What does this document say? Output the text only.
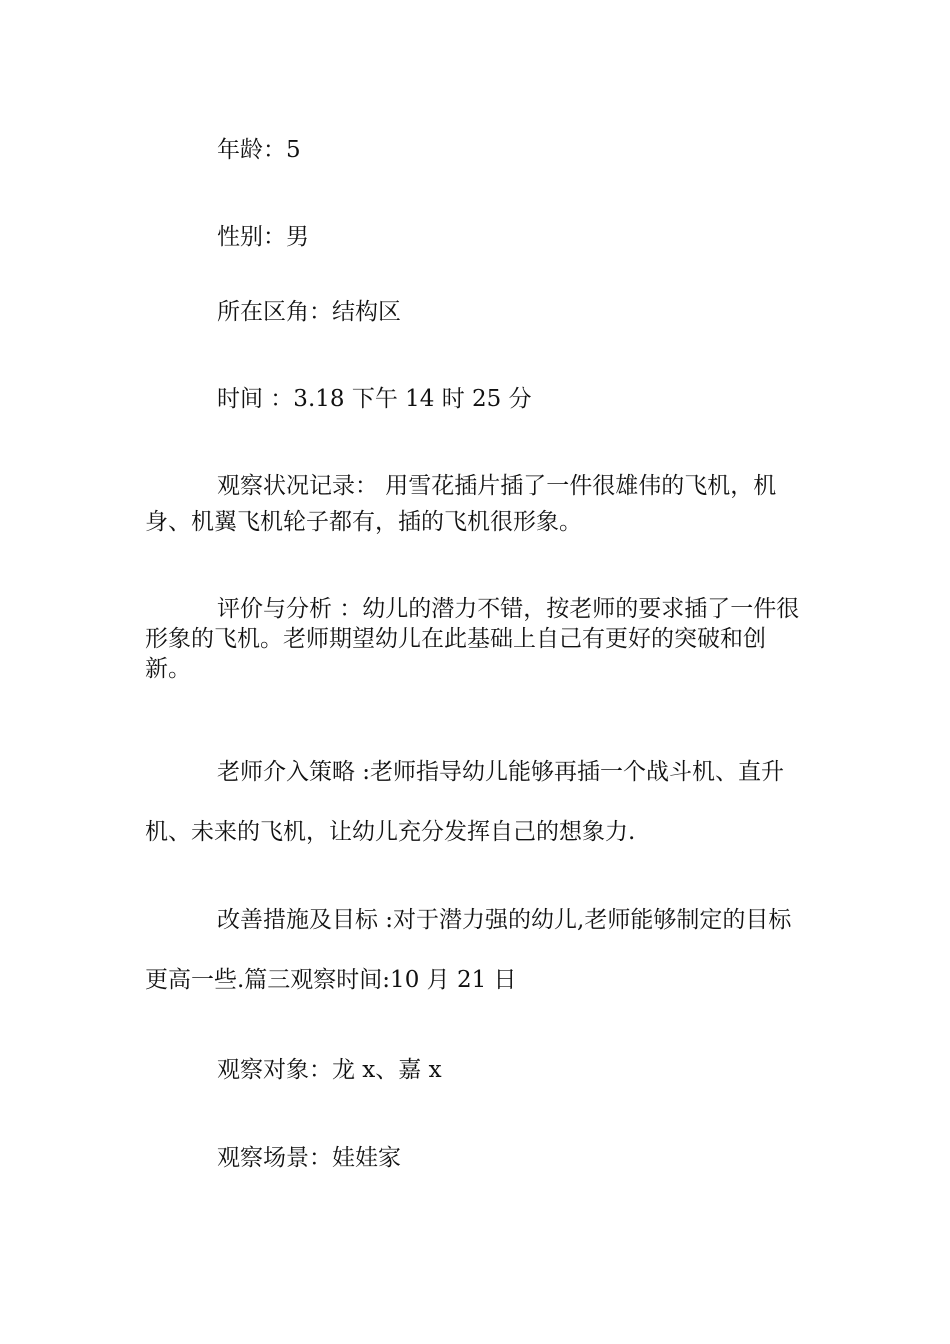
年龄：5

性别：男

所在区角：结构区

时间 ：3.18 下午 14 时 25 分

观察状况记录： 用雪花插片插了一件很雄伟的飞机，机身、机翼飞机轮子都有，插的飞机很形象。

评价与分析 ：幼儿的潜力不错，按老师的要求插了一件很形象的飞机。老师期望幼儿在此基础上自己有更好的突破和创新。

老师介入策略 :老师指导幼儿能够再插一个战斗机、直升机、未来的飞机，让幼儿充分发挥自己的想象力.

改善措施及目标 :对于潜力强的幼儿,老师能够制定的目标更高一些.篇三观察时间:10 月 21 日

观察对象：龙 x、嘉 x

观察场景：娃娃家
